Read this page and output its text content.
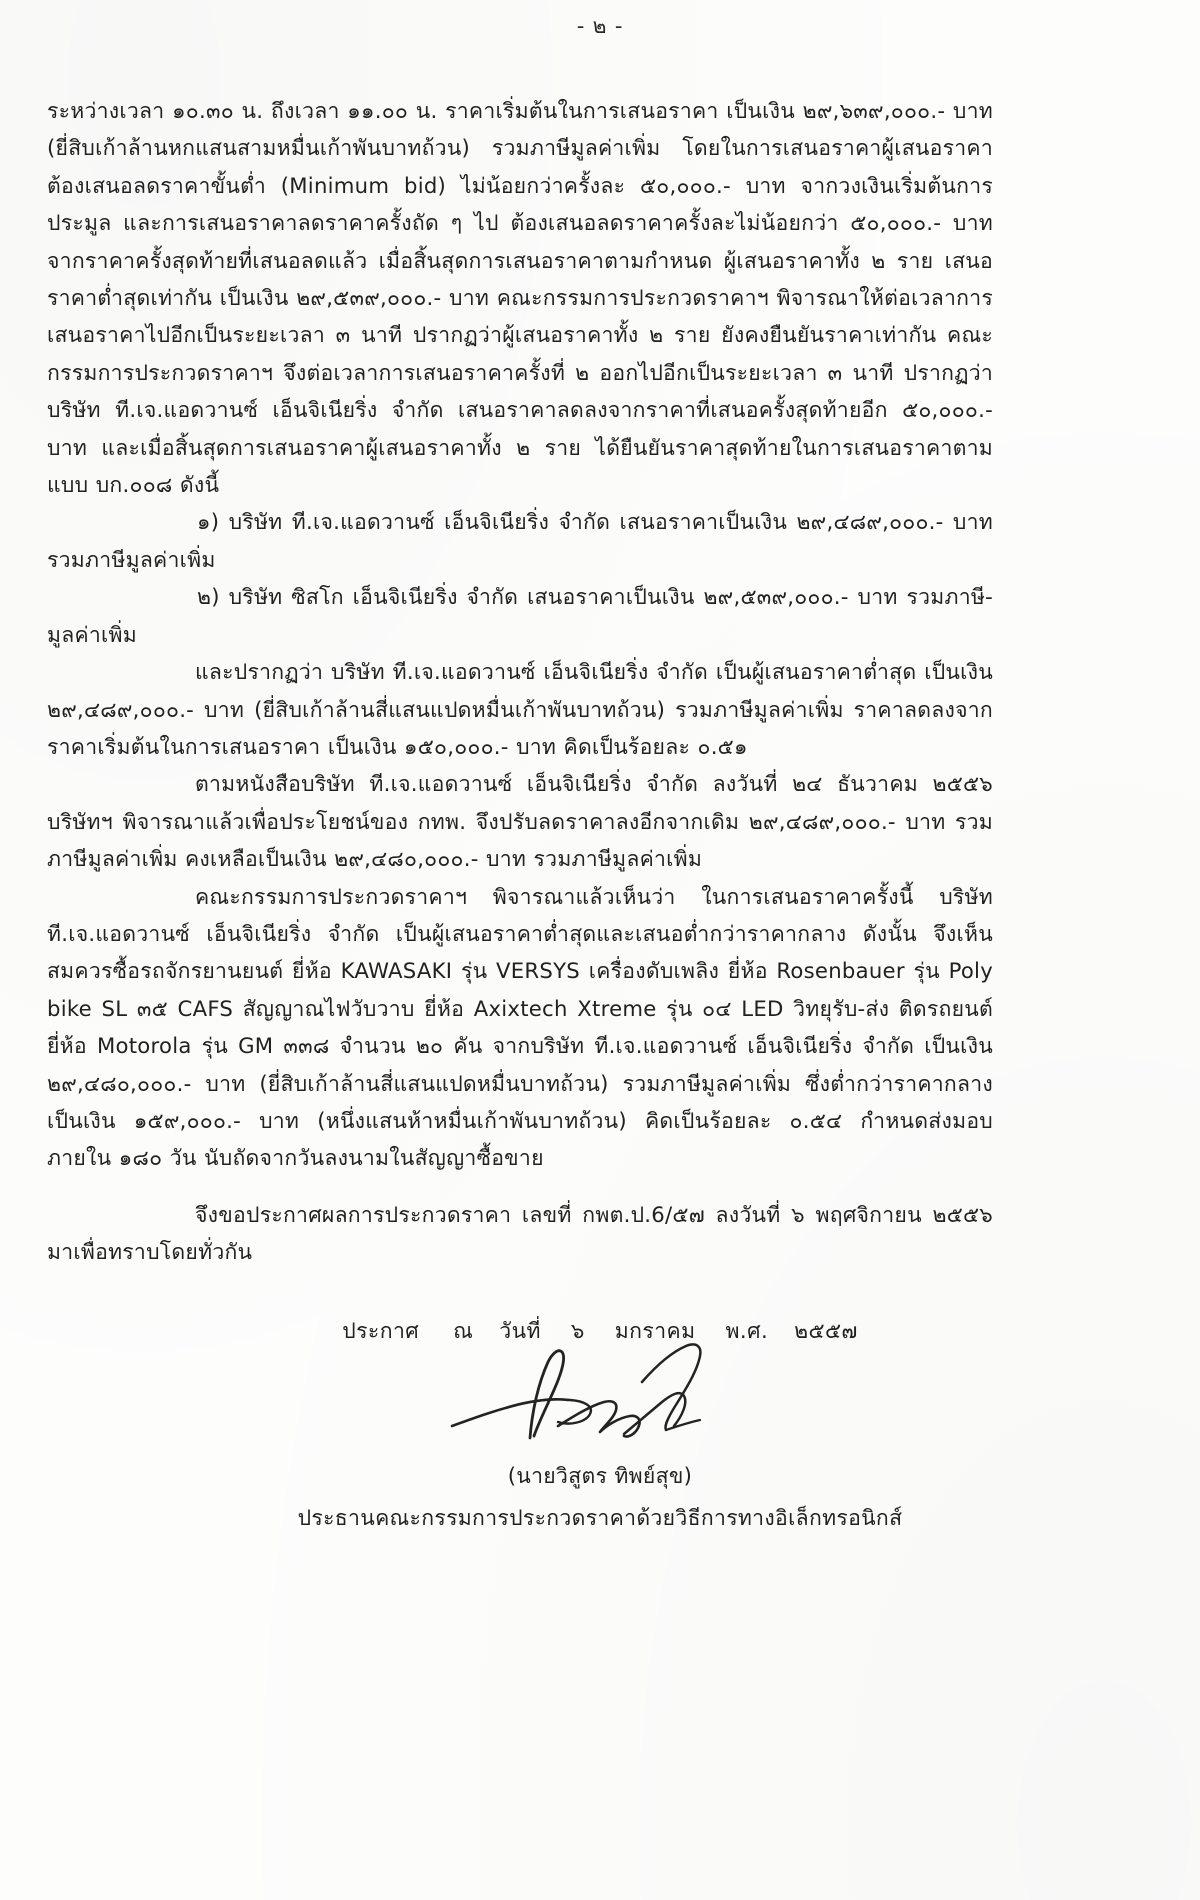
- ๒ -

ระหว่างเวลา ๑๐.๓๐ น. ถึงเวลา ๑๑.๐๐ น. ราคาเริ่มต้นในการเสนอราคา เป็นเงิน ๒๙,๖๓๙,๐๐๐.- บาท (ยี่สิบเก้าล้านหกแสนสามหมื่นเก้าพันบาทถ้วน) รวมภาษีมูลค่าเพิ่ม โดยในการเสนอราคาผู้เสนอราคาต้องเสนอลดราคาขั้นต่ำ (Minimum bid) ไม่น้อยกว่าครั้งละ ๕๐,๐๐๐.- บาท จากวงเงินเริ่มต้นการประมูล และการเสนอราคาลดราคาครั้งถัด ๆ ไป ต้องเสนอลดราคาครั้งละไม่น้อยกว่า ๕๐,๐๐๐.- บาท จากราคาครั้งสุดท้ายที่เสนอลดแล้ว เมื่อสิ้นสุดการเสนอราคาตามกำหนด ผู้เสนอราคาทั้ง ๒ ราย เสนอราคาต่ำสุดเท่ากัน เป็นเงิน ๒๙,๕๓๙,๐๐๐.- บาท คณะกรรมการประกวดราคาฯ พิจารณาให้ต่อเวลาการเสนอราคาไปอีกเป็นระยะเวลา ๓ นาที ปรากฏว่าผู้เสนอราคาทั้ง ๒ ราย ยังคงยืนยันราคาเท่ากัน คณะกรรมการประกวดราคาฯ จึงต่อเวลาการเสนอราคาครั้งที่ ๒ ออกไปอีกเป็นระยะเวลา ๓ นาที ปรากฏว่า บริษัท ที.เจ.แอดวานซ์ เอ็นจิเนียริ่ง จำกัด เสนอราคาลดลงจากราคาที่เสนอครั้งสุดท้ายอีก ๕๐,๐๐๐.- บาท และเมื่อสิ้นสุดการเสนอราคาผู้เสนอราคาทั้ง ๒ ราย ได้ยืนยันราคาสุดท้ายในการเสนอราคาตามแบบ บก.๐๐๘ ดังนี้

๑) บริษัท ที.เจ.แอดวานซ์ เอ็นจิเนียริ่ง จำกัด เสนอราคาเป็นเงิน ๒๙,๔๘๙,๐๐๐.- บาท รวมภาษีมูลค่าเพิ่ม

๒) บริษัท ซิสโก เอ็นจิเนียริ่ง จำกัด เสนอราคาเป็นเงิน ๒๙,๕๓๙,๐๐๐.- บาท รวมภาษี-มูลค่าเพิ่ม

และปรากฏว่า บริษัท ที.เจ.แอดวานซ์ เอ็นจิเนียริ่ง จำกัด เป็นผู้เสนอราคาต่ำสุด เป็นเงิน ๒๙,๔๘๙,๐๐๐.- บาท (ยี่สิบเก้าล้านสี่แสนแปดหมื่นเก้าพันบาทถ้วน) รวมภาษีมูลค่าเพิ่ม ราคาลดลงจากราคาเริ่มต้นในการเสนอราคา เป็นเงิน ๑๕๐,๐๐๐.- บาท คิดเป็นร้อยละ ๐.๕๑

ตามหนังสือบริษัท ที.เจ.แอดวานซ์ เอ็นจิเนียริ่ง จำกัด ลงวันที่ ๒๔ ธันวาคม ๒๕๕๖ บริษัทฯ พิจารณาแล้วเพื่อประโยชน์ของ กทพ. จึงปรับลดราคาลงอีกจากเดิม ๒๙,๔๘๙,๐๐๐.- บาท รวมภาษีมูลค่าเพิ่ม คงเหลือเป็นเงิน ๒๙,๔๘๐,๐๐๐.- บาท รวมภาษีมูลค่าเพิ่ม

คณะกรรมการประกวดราคาฯ พิจารณาแล้วเห็นว่า ในการเสนอราคาครั้งนี้ บริษัท ที.เจ.แอดวานซ์ เอ็นจิเนียริ่ง จำกัด เป็นผู้เสนอราคาต่ำสุดและเสนอต่ำกว่าราคากลาง ดังนั้น จึงเห็นสมควรซื้อรถจักรยานยนต์ ยี่ห้อ KAWASAKI รุ่น VERSYS เครื่องดับเพลิง ยี่ห้อ Rosenbauer รุ่น Poly bike SL ๓๕ CAFS สัญญาณไฟวับวาบ ยี่ห้อ Axixtech Xtreme รุ่น ๐๔ LED วิทยุรับ-ส่ง ติดรถยนต์ ยี่ห้อ Motorola รุ่น GM ๓๓๘ จำนวน ๒๐ คัน จากบริษัท ที.เจ.แอดวานซ์ เอ็นจิเนียริ่ง จำกัด เป็นเงิน ๒๙,๔๘๐,๐๐๐.- บาท (ยี่สิบเก้าล้านสี่แสนแปดหมื่นบาทถ้วน) รวมภาษีมูลค่าเพิ่ม ซึ่งต่ำกว่าราคากลาง เป็นเงิน ๑๕๙,๐๐๐.- บาท (หนึ่งแสนห้าหมื่นเก้าพันบาทถ้วน) คิดเป็นร้อยละ ๐.๕๔ กำหนดส่งมอบภายใน ๑๘๐ วัน นับถัดจากวันลงนามในสัญญาซื้อขาย

จึงขอประกาศผลการประกวดราคา เลขที่ กพต.ป.6/๕๗ ลงวันที่ ๖ พฤศจิกายน ๒๕๕๖ มาเพื่อทราบโดยทั่วกัน

ประกาศ ณ วันที่ ๖ มกราคม พ.ศ. ๒๕๕๗
(นายวิสูตร ทิพย์สุข)
ประธานคณะกรรมการประกวดราคาด้วยวิธีการทางอิเล็กทรอนิกส์
